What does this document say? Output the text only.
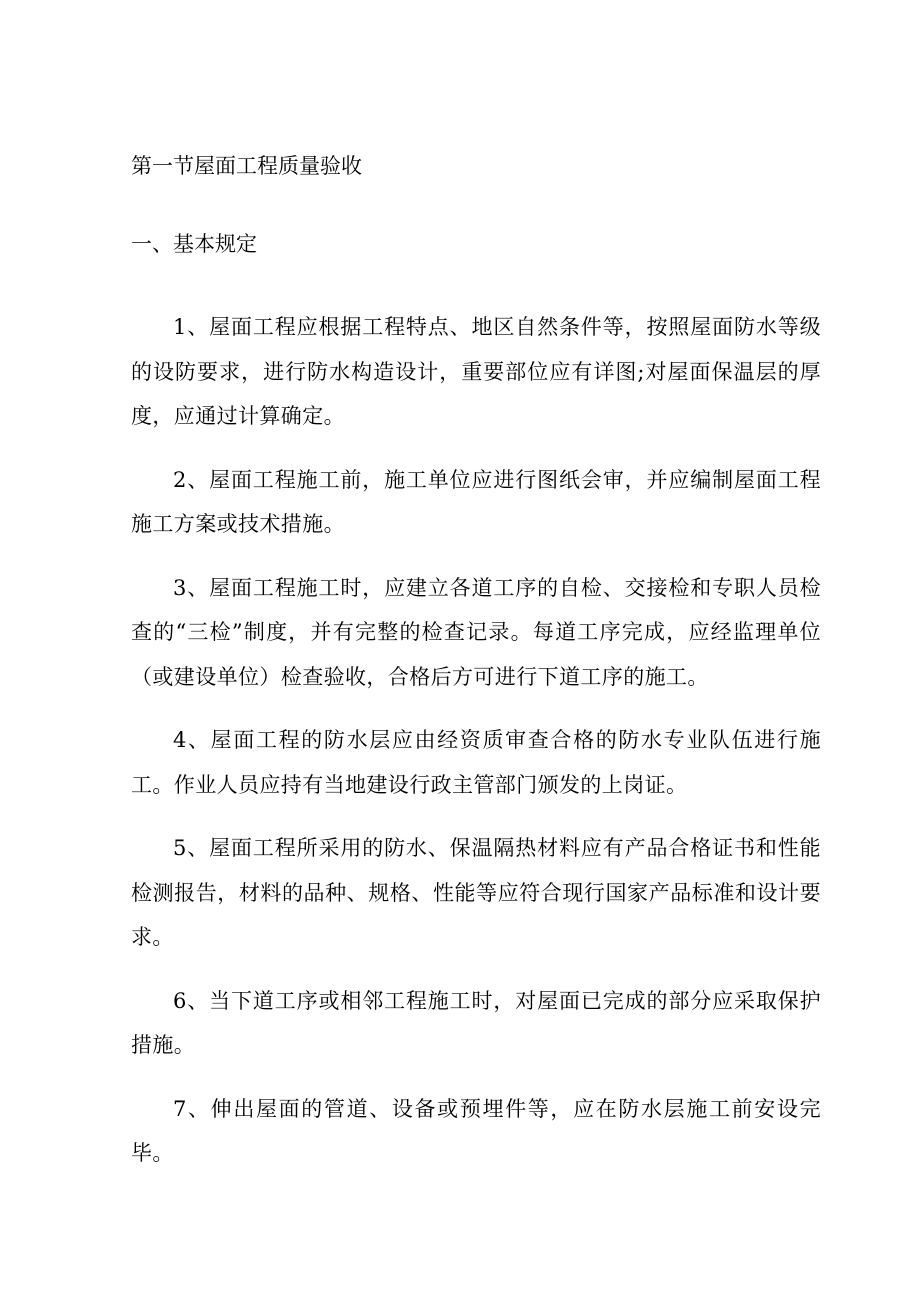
第一节屋面工程质量验收
一、基本规定

1、屋面工程应根据工程特点、地区自然条件等，按照屋面防水等级的设防要求，进行防水构造设计，重要部位应有详图;对屋面保温层的厚度，应通过计算确定。

2、屋面工程施工前，施工单位应进行图纸会审，并应编制屋面工程施工方案或技术措施。

3、屋面工程施工时，应建立各道工序的自检、交接检和专职人员检查的“三检”制度，并有完整的检查记录。每道工序完成，应经监理单位（或建设单位）检查验收，合格后方可进行下道工序的施工。

4、屋面工程的防水层应由经资质审查合格的防水专业队伍进行施工。作业人员应持有当地建设行政主管部门颁发的上岗证。

5、屋面工程所采用的防水、保温隔热材料应有产品合格证书和性能检测报告，材料的品种、规格、性能等应符合现行国家产品标准和设计要求。

6、当下道工序或相邻工程施工时，对屋面已完成的部分应采取保护措施。

7、伸出屋面的管道、设备或预埋件等，应在防水层施工前安设完毕。
